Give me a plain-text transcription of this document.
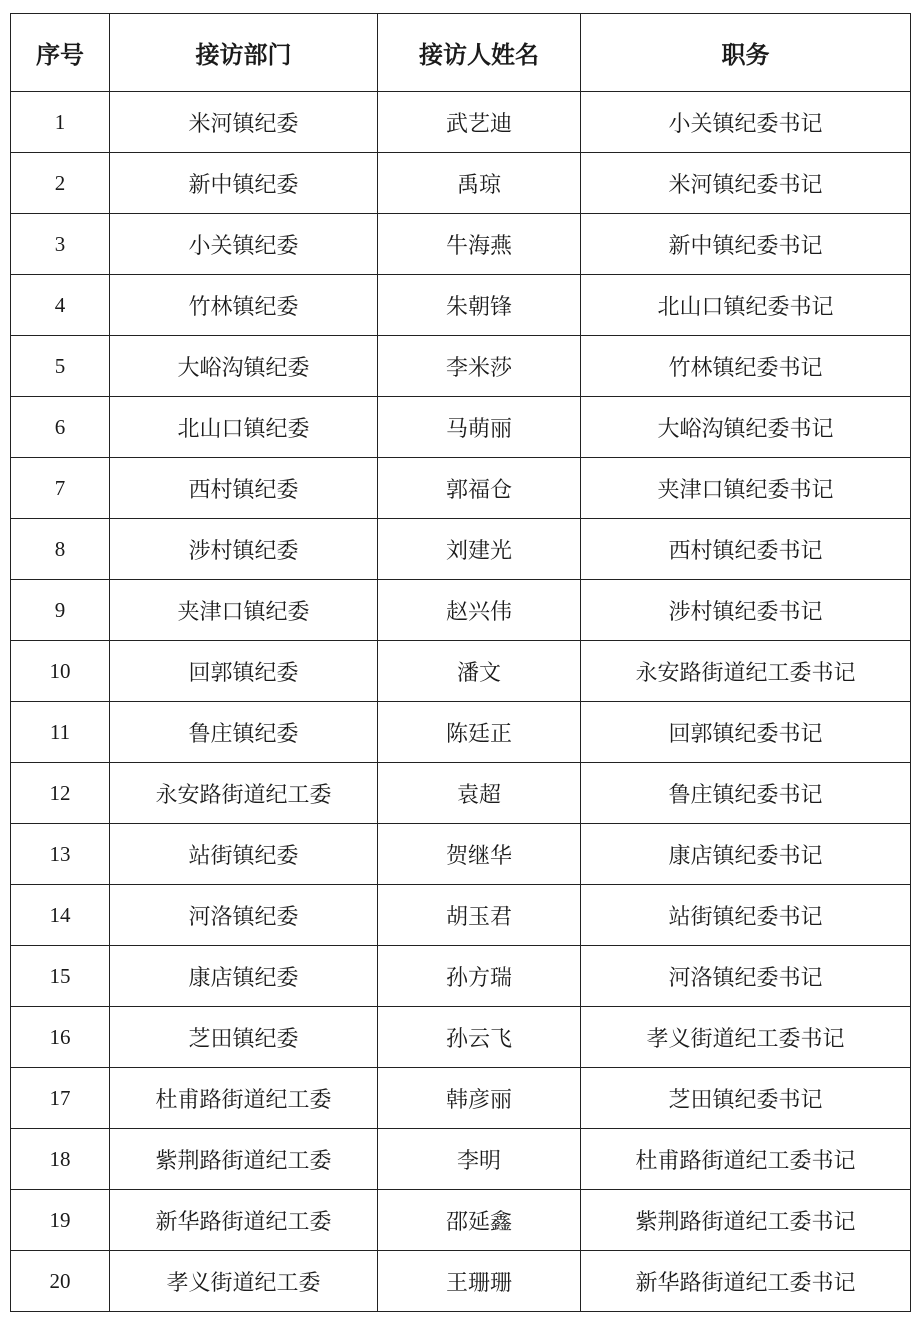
序号	接访部门	接访人姓名	职务
1	米河镇纪委	武艺迪	小关镇纪委书记
2	新中镇纪委	禹琼	米河镇纪委书记
3	小关镇纪委	牛海燕	新中镇纪委书记
4	竹林镇纪委	朱朝锋	北山口镇纪委书记
5	大峪沟镇纪委	李米莎	竹林镇纪委书记
6	北山口镇纪委	马萌丽	大峪沟镇纪委书记
7	西村镇纪委	郭福仓	夹津口镇纪委书记
8	涉村镇纪委	刘建光	西村镇纪委书记
9	夹津口镇纪委	赵兴伟	涉村镇纪委书记
10	回郭镇纪委	潘文	永安路街道纪工委书记
11	鲁庄镇纪委	陈廷正	回郭镇纪委书记
12	永安路街道纪工委	袁超	鲁庄镇纪委书记
13	站街镇纪委	贺继华	康店镇纪委书记
14	河洛镇纪委	胡玉君	站街镇纪委书记
15	康店镇纪委	孙方瑞	河洛镇纪委书记
16	芝田镇纪委	孙云飞	孝义街道纪工委书记
17	杜甫路街道纪工委	韩彦丽	芝田镇纪委书记
18	紫荆路街道纪工委	李明	杜甫路街道纪工委书记
19	新华路街道纪工委	邵延鑫	紫荆路街道纪工委书记
20	孝义街道纪工委	王珊珊	新华路街道纪工委书记
